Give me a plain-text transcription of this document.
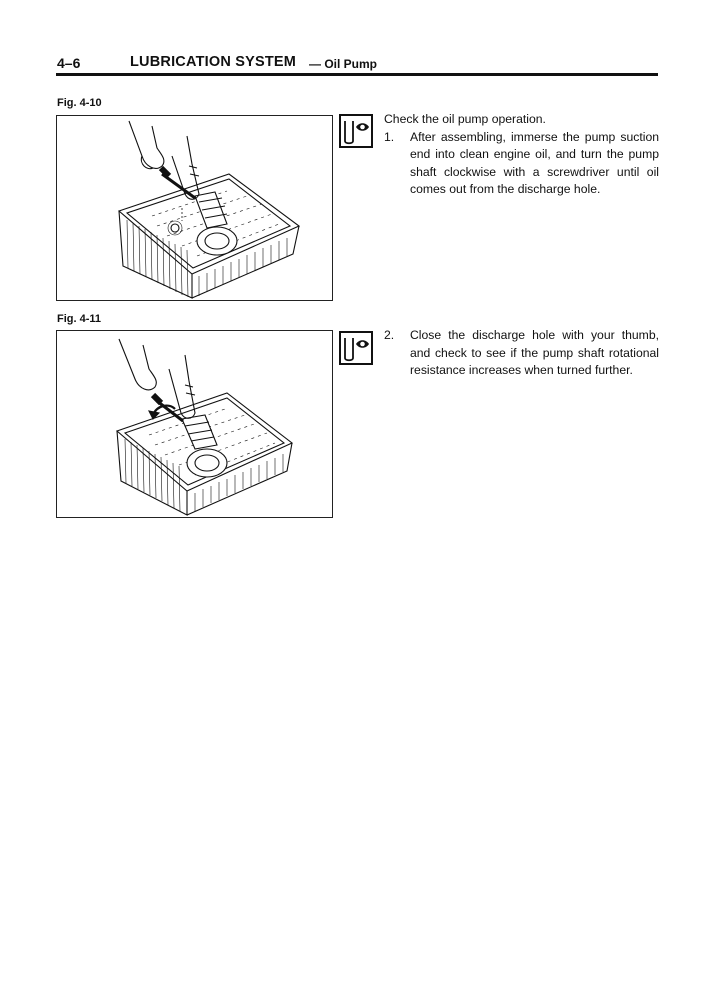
4–6	LUBRICATION SYSTEM — Oil Pump
Fig. 4-10
Fig. 4-11
Check the oil pump operation.
1.	After assembling, immerse the pump suction end into clean engine oil, and turn the pump shaft clockwise with a screwdriver until oil comes out from the discharge hole.
2.	Close the discharge hole with your thumb, and check to see if the pump shaft rotational resistance increases when turned further.
